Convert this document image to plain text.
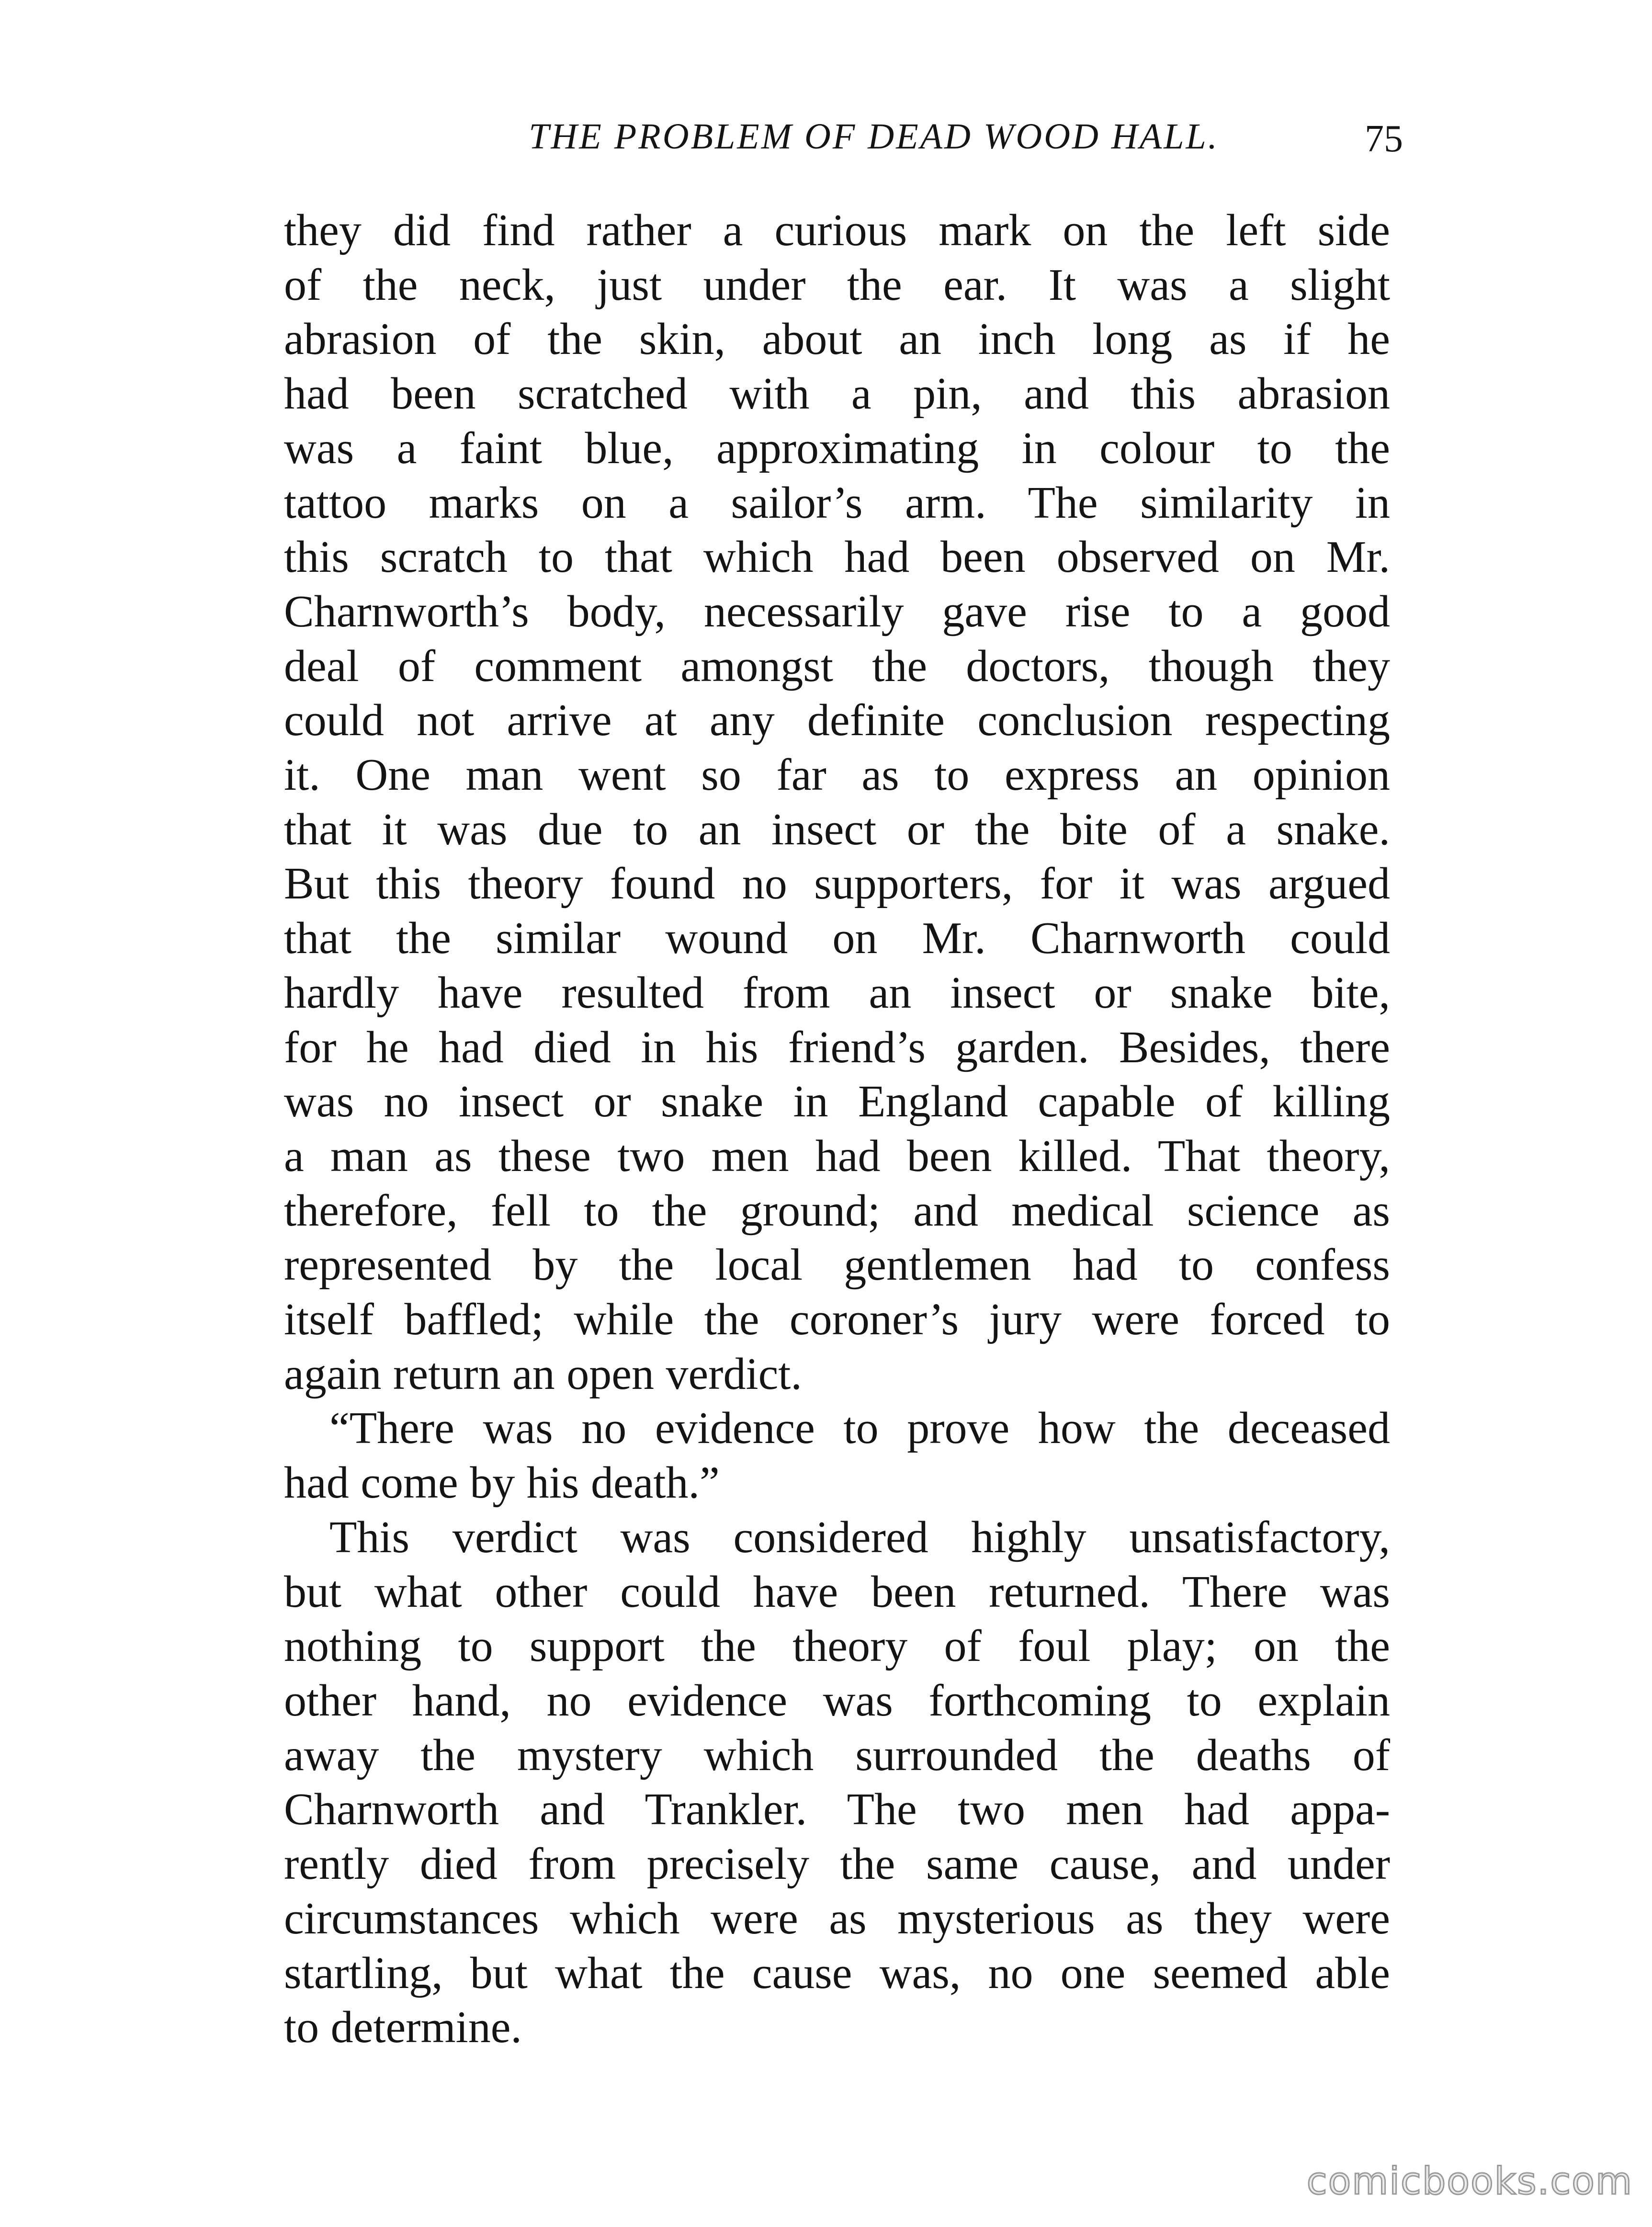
THE PROBLEM OF DEAD WOOD HALL.	75

they did find rather a curious mark on the left side
of the neck, just under the ear. It was a slight
abrasion of the skin, about an inch long as if he
had been scratched with a pin, and this abrasion
was a faint blue, approximating in colour to the
tattoo marks on a sailor’s arm. The similarity in
this scratch to that which had been observed on Mr.
Charnworth’s body, necessarily gave rise to a good
deal of comment amongst the doctors, though they
could not arrive at any definite conclusion respecting
it. One man went so far as to express an opinion
that it was due to an insect or the bite of a snake.
But this theory found no supporters, for it was argued
that the similar wound on Mr. Charnworth could
hardly have resulted from an insect or snake bite,
for he had died in his friend’s garden. Besides, there
was no insect or snake in England capable of killing
a man as these two men had been killed. That theory,
therefore, fell to the ground; and medical science as
represented by the local gentlemen had to confess
itself baffled; while the coroner’s jury were forced to
again return an open verdict.

“There was no evidence to prove how the deceased
had come by his death.”

This verdict was considered highly unsatisfactory,
but what other could have been returned. There was
nothing to support the theory of foul play; on the
other hand, no evidence was forthcoming to explain
away the mystery which surrounded the deaths of
Charnworth and Trankler. The two men had appa-
rently died from precisely the same cause, and under
circumstances which were as mysterious as they were
startling, but what the cause was, no one seemed able
to determine.

comicbooks.com
